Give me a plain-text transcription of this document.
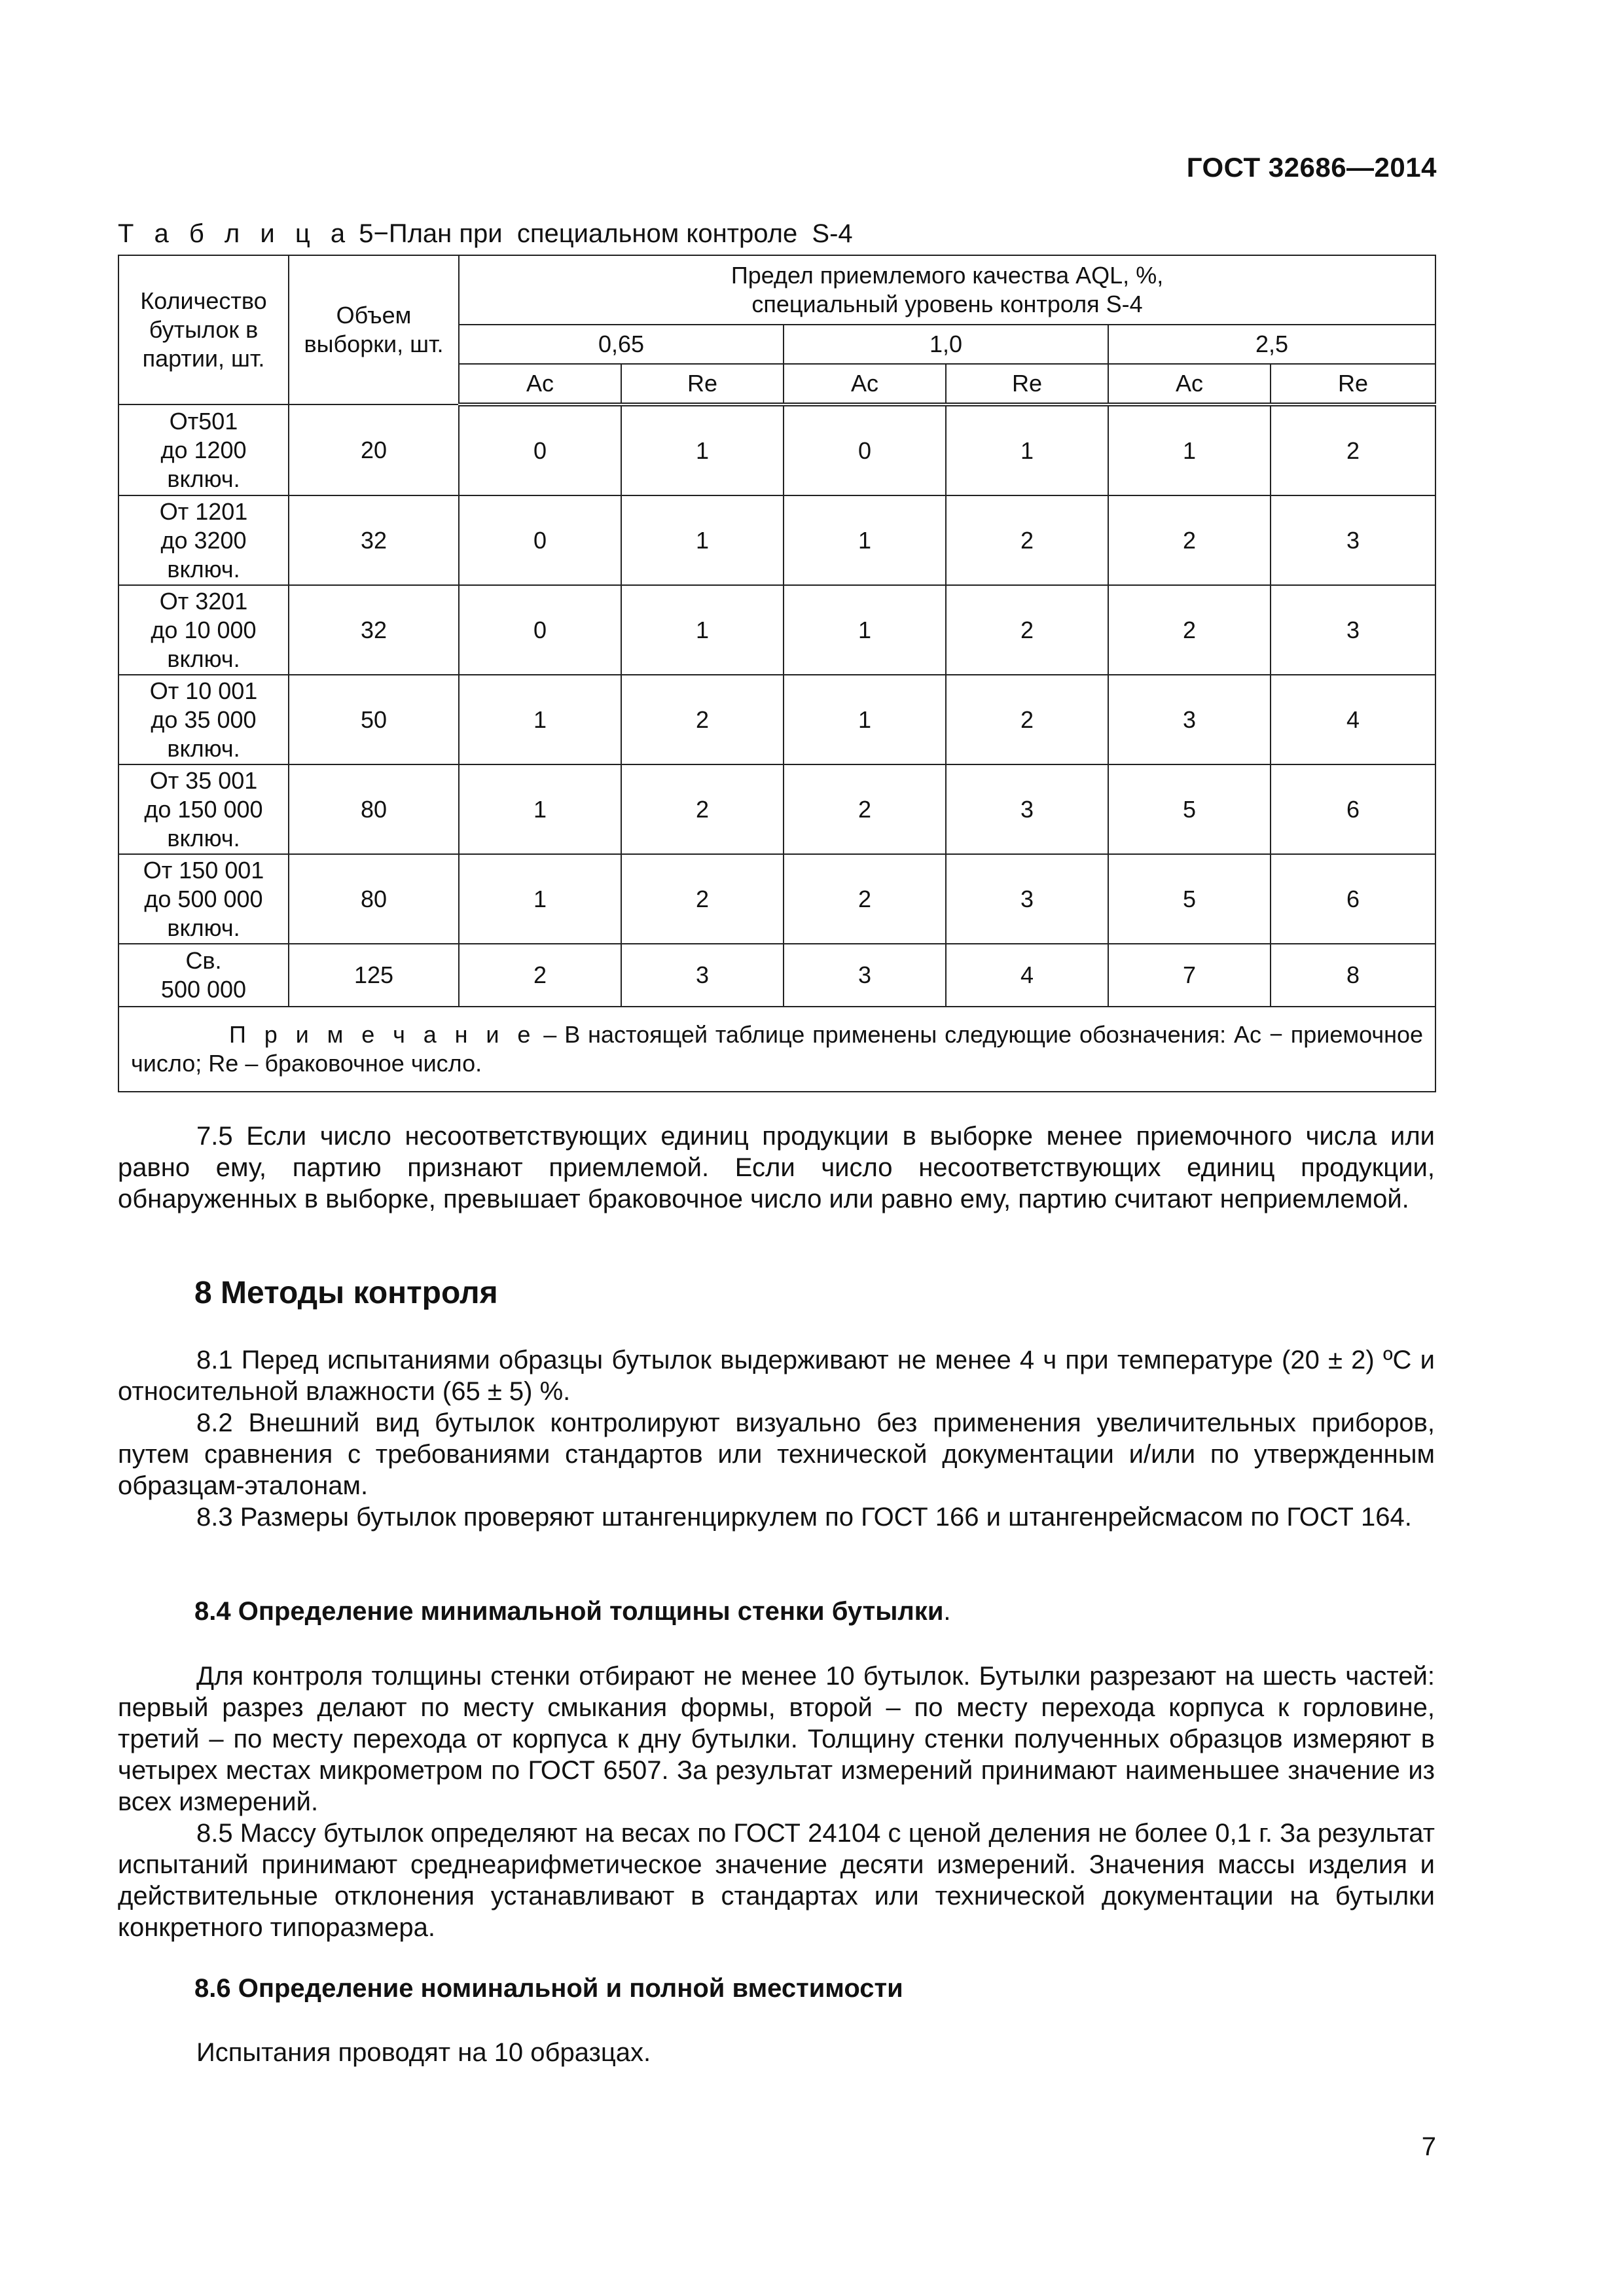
ГОСТ 32686—2014
Т а б л и ц а 5−План при  специальном контроле  S-4
Количество бутылок в партии, шт.	Объем выборки, шт.	Предел приемлемого качества AQL, %,
специальный уровень контроля S-4					

		0,65		1,0		2,5	
		Ac	Re	Ac	Re	Ac	Re

От501
до 1200
включ.	20	0	1	0	1	1	2

От 1201
до 3200
включ.	32	0	1	1	2	2	3

От 3201
до 10 000
включ.	32	0	1	1	2	2	3

От 10 001
до 35 000
включ.	50	1	2	1	2	3	4

От 35 001
до 150 000
включ.	80	1	2	2	3	5	6

От 150 001
до 500 000
включ.	80	1	2	2	3	5	6

Св.
500 000	125	2	3	3	4	7	8

П р и м е ч а н и е – В настоящей таблице применены следующие обозначения: Ac − приемочное число; Re – браковочное число.							
7.5 Если число несоответствующих единиц продукции в выборке менее приемочного числа или равно ему, партию признают приемлемой. Если число несоответствующих единиц продукции, обнаруженных в выборке, превышает браковочное число или равно ему, партию считают неприемлемой.
8 Методы контроля
8.1 Перед испытаниями образцы бутылок выдерживают не менее 4 ч при температуре (20 ± 2) ºС и относительной влажности (65 ± 5) %.
8.2 Внешний вид бутылок контролируют визуально без применения увеличительных приборов, путем сравнения с требованиями стандартов или технической документации и/или по утвержденным образцам-эталонам.
8.3 Размеры бутылок проверяют штангенциркулем по ГОСТ 166 и штангенрейсмасом по ГОСТ 164.
8.4 Определение минимальной толщины стенки бутылки.
Для контроля толщины стенки отбирают не менее 10 бутылок. Бутылки разрезают на шесть частей: первый разрез делают по месту смыкания формы, второй – по месту перехода корпуса к горловине, третий – по месту перехода от корпуса к дну бутылки. Толщину стенки полученных образцов измеряют в четырех местах микрометром по ГОСТ 6507. За результат измерений принимают наименьшее значение из всех измерений.
8.5 Массу бутылок определяют на весах по ГОСТ 24104 с ценой деления не более 0,1 г. За результат испытаний принимают среднеарифметическое значение десяти измерений. Значения массы изделия и действительные отклонения устанавливают в стандартах или технической документации на бутылки конкретного типоразмера.
8.6 Определение номинальной и полной вместимости
Испытания проводят на 10 образцах.
7
